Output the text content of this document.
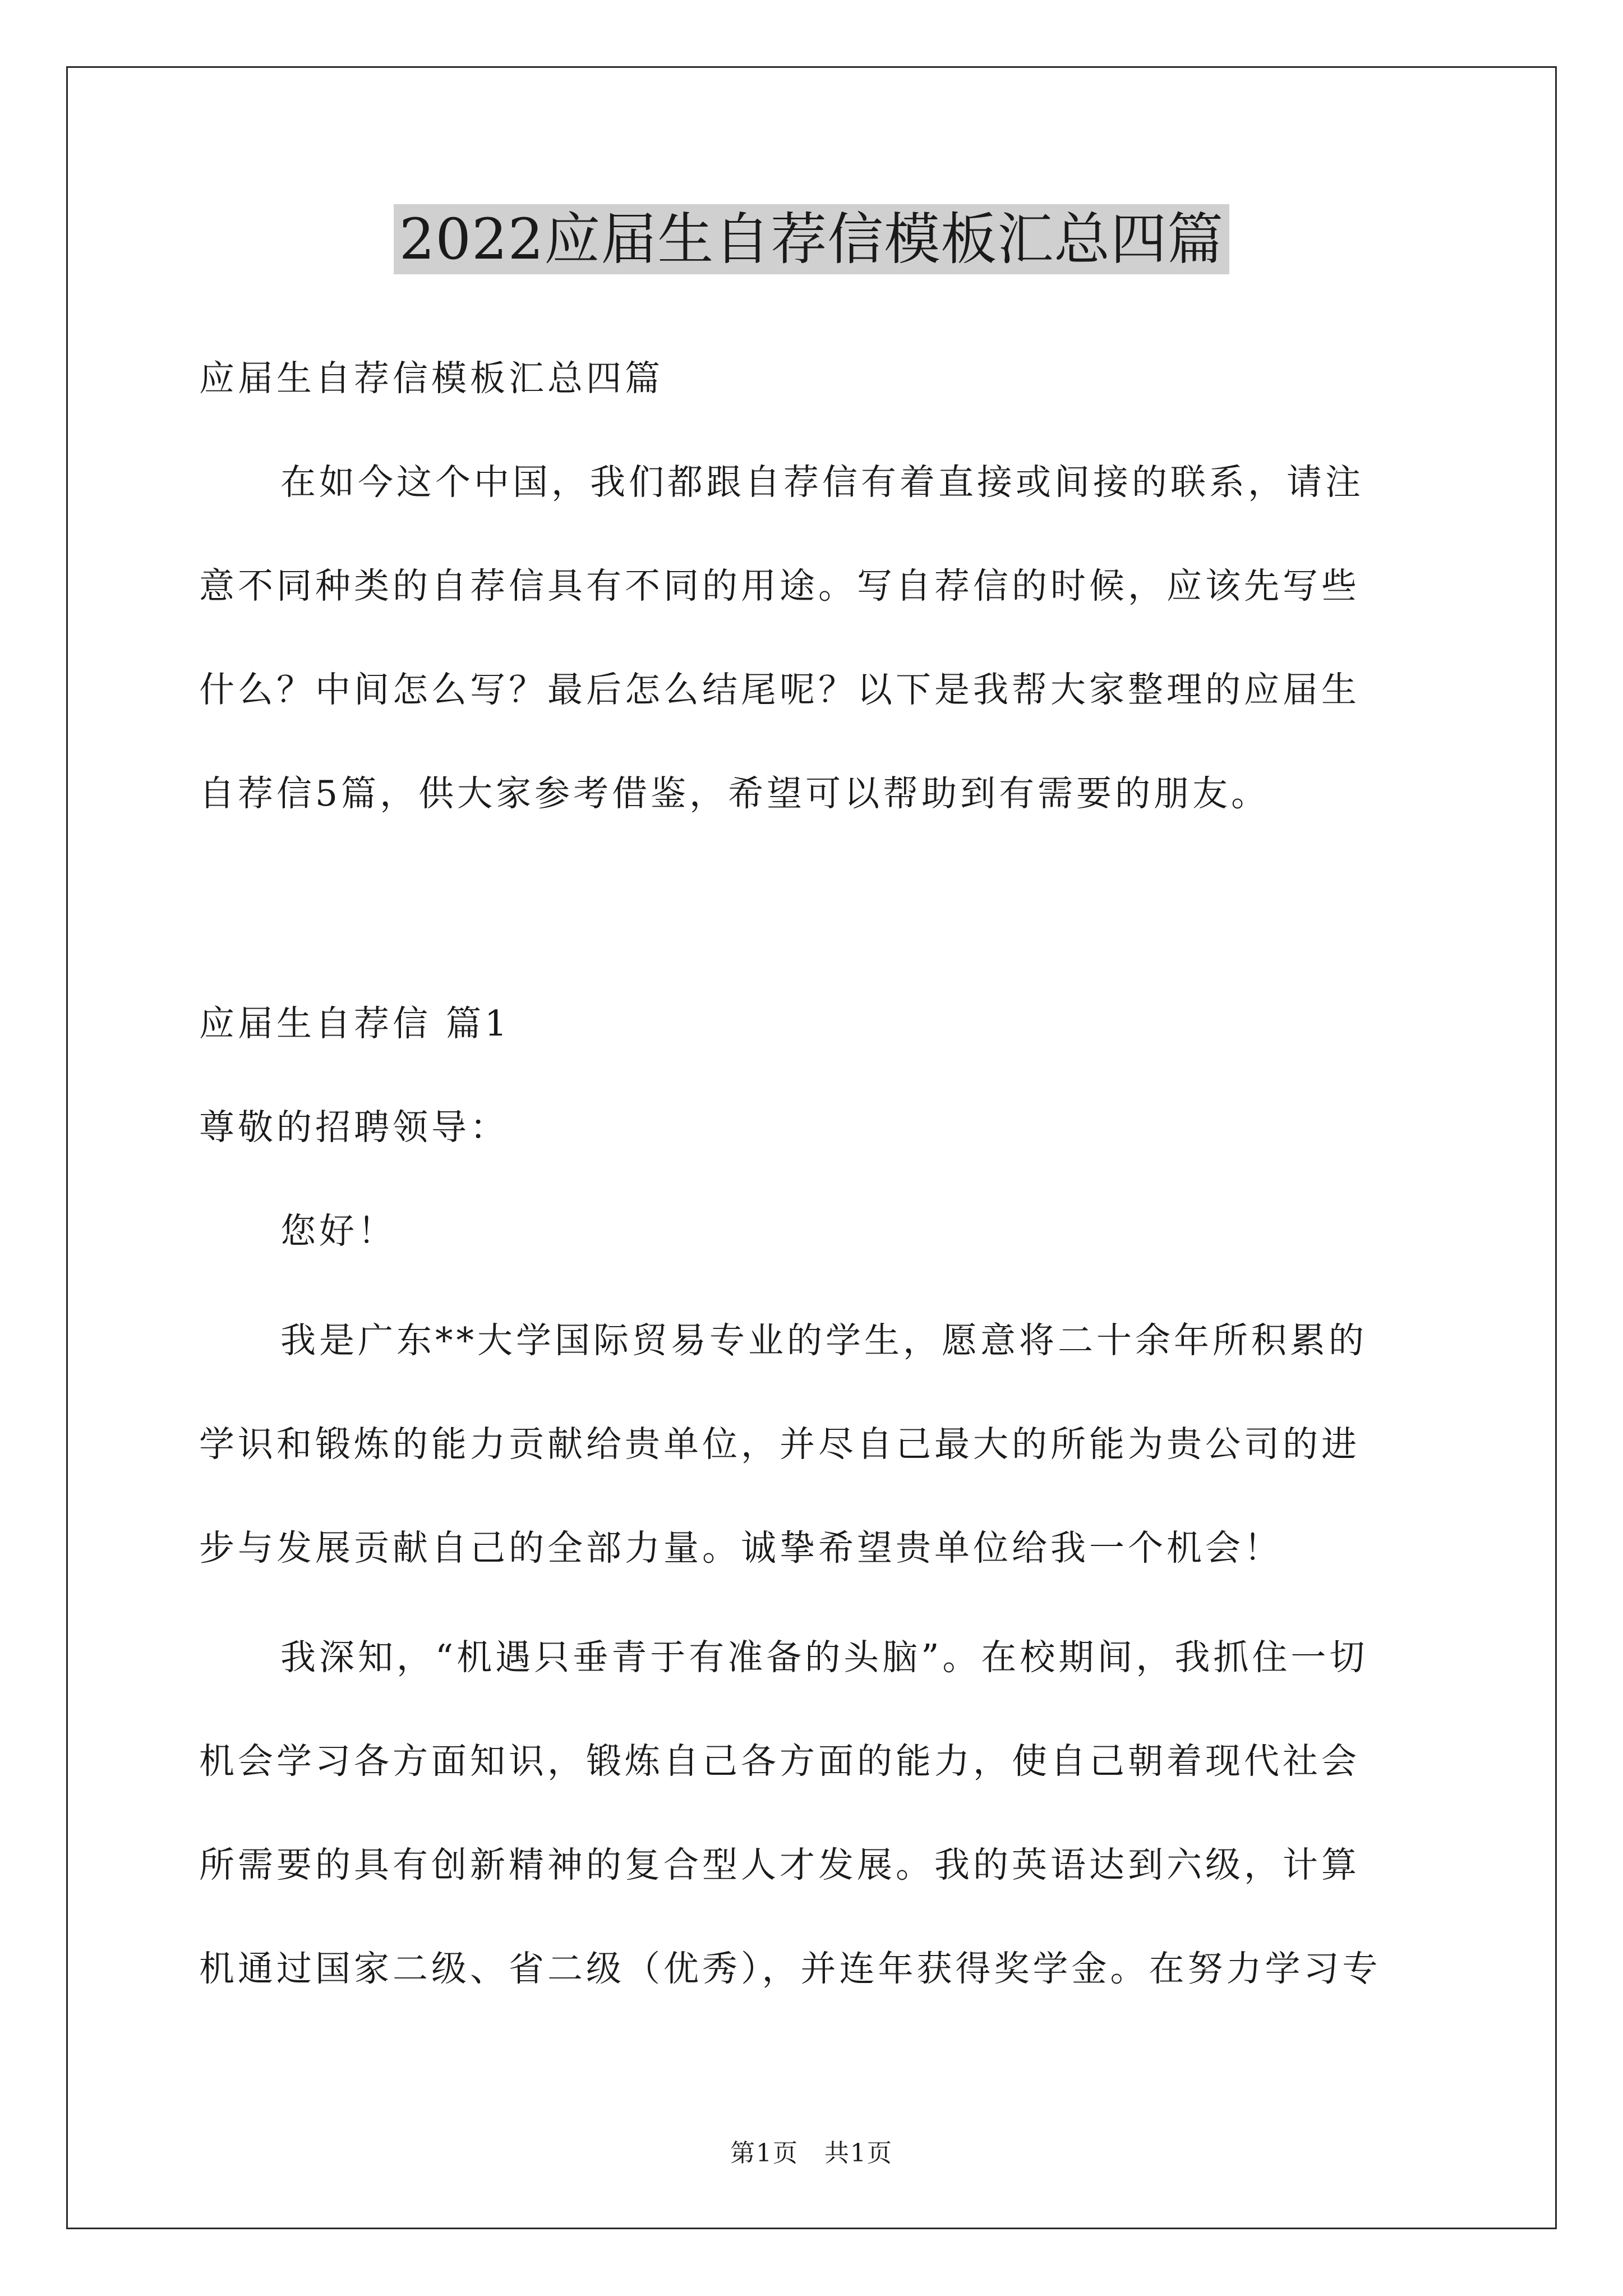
2022应届生自荐信模板汇总四篇
应届生自荐信模板汇总四篇
在如今这个中国，我们都跟自荐信有着直接或间接的联系，请注
意不同种类的自荐信具有不同的用途。写自荐信的时候，应该先写些
什么？中间怎么写？最后怎么结尾呢？以下是我帮大家整理的应届生
自荐信5篇，供大家参考借鉴，希望可以帮助到有需要的朋友。
应届生自荐信 篇1
尊敬的招聘领导：
您好！
我是广东**大学国际贸易专业的学生，愿意将二十余年所积累的
学识和锻炼的能力贡献给贵单位，并尽自己最大的所能为贵公司的进
步与发展贡献自己的全部力量。诚挚希望贵单位给我一个机会！
我深知，“机遇只垂青于有准备的头脑”。在校期间，我抓住一切
机会学习各方面知识，锻炼自己各方面的能力，使自己朝着现代社会
所需要的具有创新精神的复合型人才发展。我的英语达到六级，计算
机通过国家二级、省二级（优秀），并连年获得奖学金。在努力学习专
第1页　共1页
